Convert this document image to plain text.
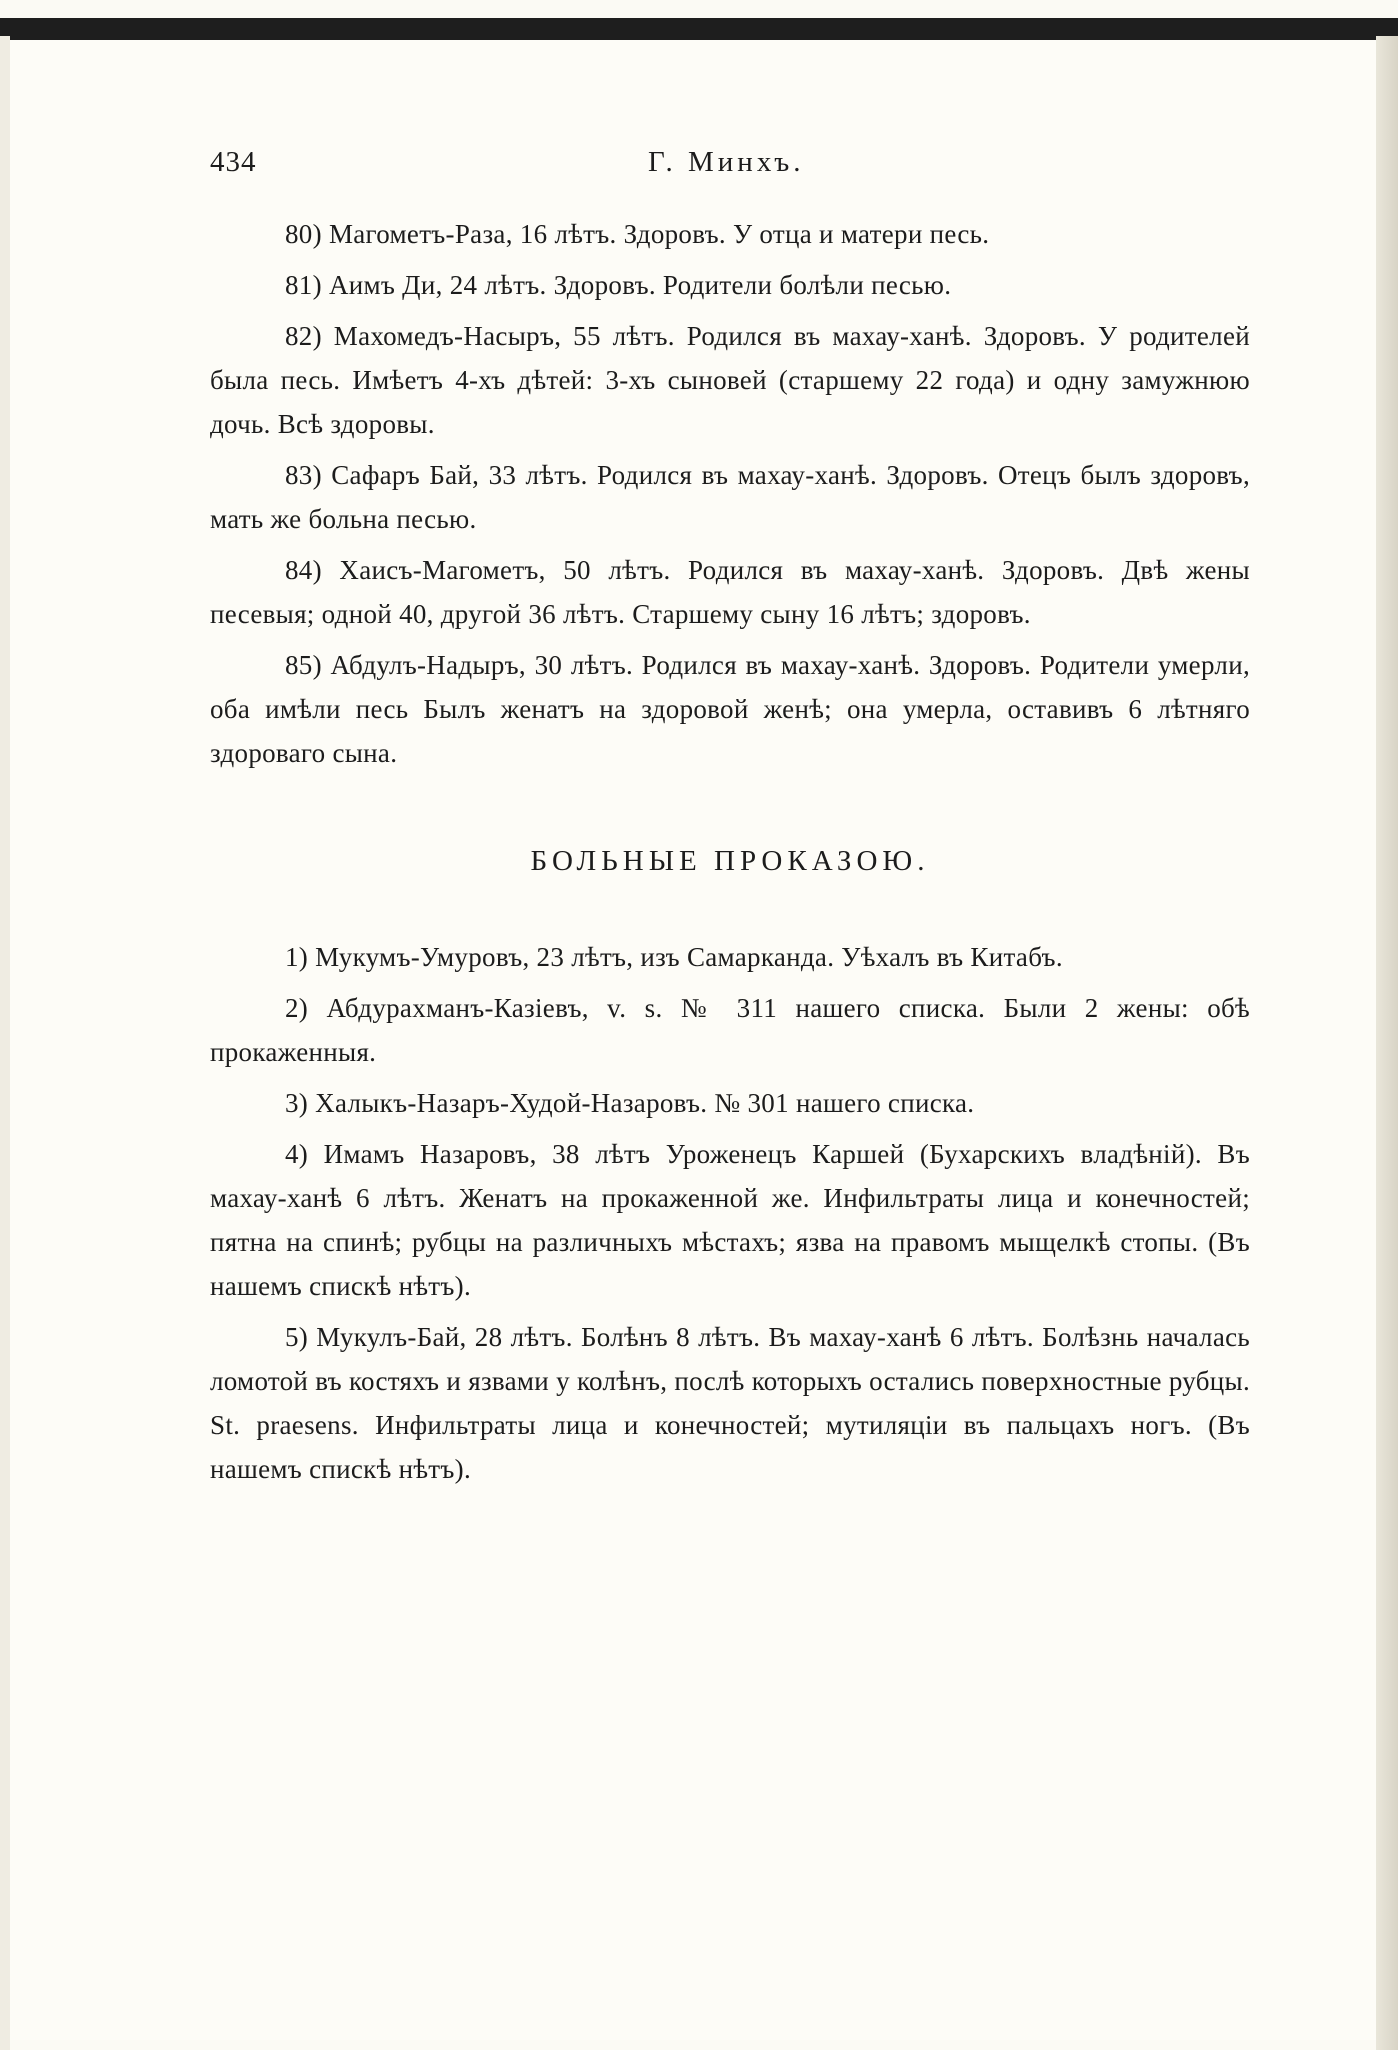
434	Г. Минхъ.

80) Магометъ-Раза, 16 лѣтъ. Здоровъ. У отца и матери песь.

81) Аимъ Ди, 24 лѣтъ. Здоровъ. Родители болѣли песью.

82) Махомедъ-Насыръ, 55 лѣтъ. Родился въ махау-ханѣ. Здоровъ. У родителей была песь. Имѣетъ 4-хъ дѣтей: 3-хъ сыновей (старшему 22 года) и одну замужнюю дочь. Всѣ здоровы.

83) Сафаръ Бай, 33 лѣтъ. Родился въ махау-ханѣ. Здоровъ. Отецъ былъ здоровъ, мать же больна песью.

84) Хаисъ-Магометъ, 50 лѣтъ. Родился въ махау-ханѣ. Здоровъ. Двѣ жены песевыя; одной 40, другой 36 лѣтъ. Старшему сыну 16 лѣтъ; здоровъ.

85) Абдулъ-Надыръ, 30 лѣтъ. Родился въ махау-ханѣ. Здоровъ. Родители умерли, оба имѣли песь Былъ женатъ на здоровой женѣ; она умерла, оставивъ 6 лѣтняго здороваго сына.

БОЛЬНЫЕ ПРОКАЗОЮ.

1) Мукумъ-Умуровъ, 23 лѣтъ, изъ Самарканда. Уѣхалъ въ Китабъ.

2) Абдурахманъ-Казіевъ, v. s. № 311 нашего списка. Были 2 жены: обѣ прокаженныя.

3) Халыкъ-Назаръ-Худой-Назаровъ. № 301 нашего списка.

4) Имамъ Назаровъ, 38 лѣтъ Уроженецъ Каршей (Бухарскихъ владѣній). Въ махау-ханѣ 6 лѣтъ. Женатъ на прокаженной же. Инфильтраты лица и конечностей; пятна на спинѣ; рубцы на различныхъ мѣстахъ; язва на правомъ мыщелкѣ стопы. (Въ нашемъ спискѣ нѣтъ).

5) Мукулъ-Бай, 28 лѣтъ. Болѣнъ 8 лѣтъ. Въ махау-ханѣ 6 лѣтъ. Болѣзнь началась ломотой въ костяхъ и язвами у колѣнъ, послѣ которыхъ остались поверхностные рубцы. St. praesens. Инфильтраты лица и конечностей; мутиляціи въ пальцахъ ногъ. (Въ нашемъ спискѣ нѣтъ).
